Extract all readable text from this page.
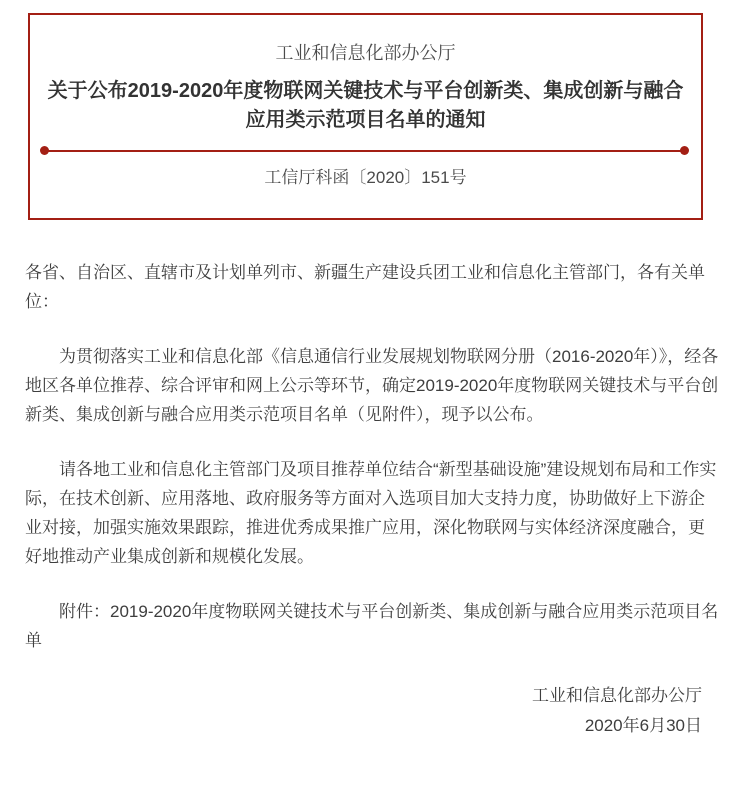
工业和信息化部办公厅
关于公布2019-2020年度物联网关键技术与平台创新类、集成创新与融合应用类示范项目名单的通知
工信厅科函〔2020〕151号

各省、自治区、直辖市及计划单列市、新疆生产建设兵团工业和信息化主管部门，各有关单位：

为贯彻落实工业和信息化部《信息通信行业发展规划物联网分册（2016-2020年）》，经各地区各单位推荐、综合评审和网上公示等环节，确定2019-2020年度物联网关键技术与平台创新类、集成创新与融合应用类示范项目名单（见附件），现予以公布。

请各地工业和信息化主管部门及项目推荐单位结合“新型基础设施”建设规划布局和工作实际，在技术创新、应用落地、政府服务等方面对入选项目加大支持力度，协助做好上下游企业对接，加强实施效果跟踪，推进优秀成果推广应用，深化物联网与实体经济深度融合，更好地推动产业集成创新和规模化发展。

附件：2019-2020年度物联网关键技术与平台创新类、集成创新与融合应用类示范项目名单

工业和信息化部办公厅

2020年6月30日
